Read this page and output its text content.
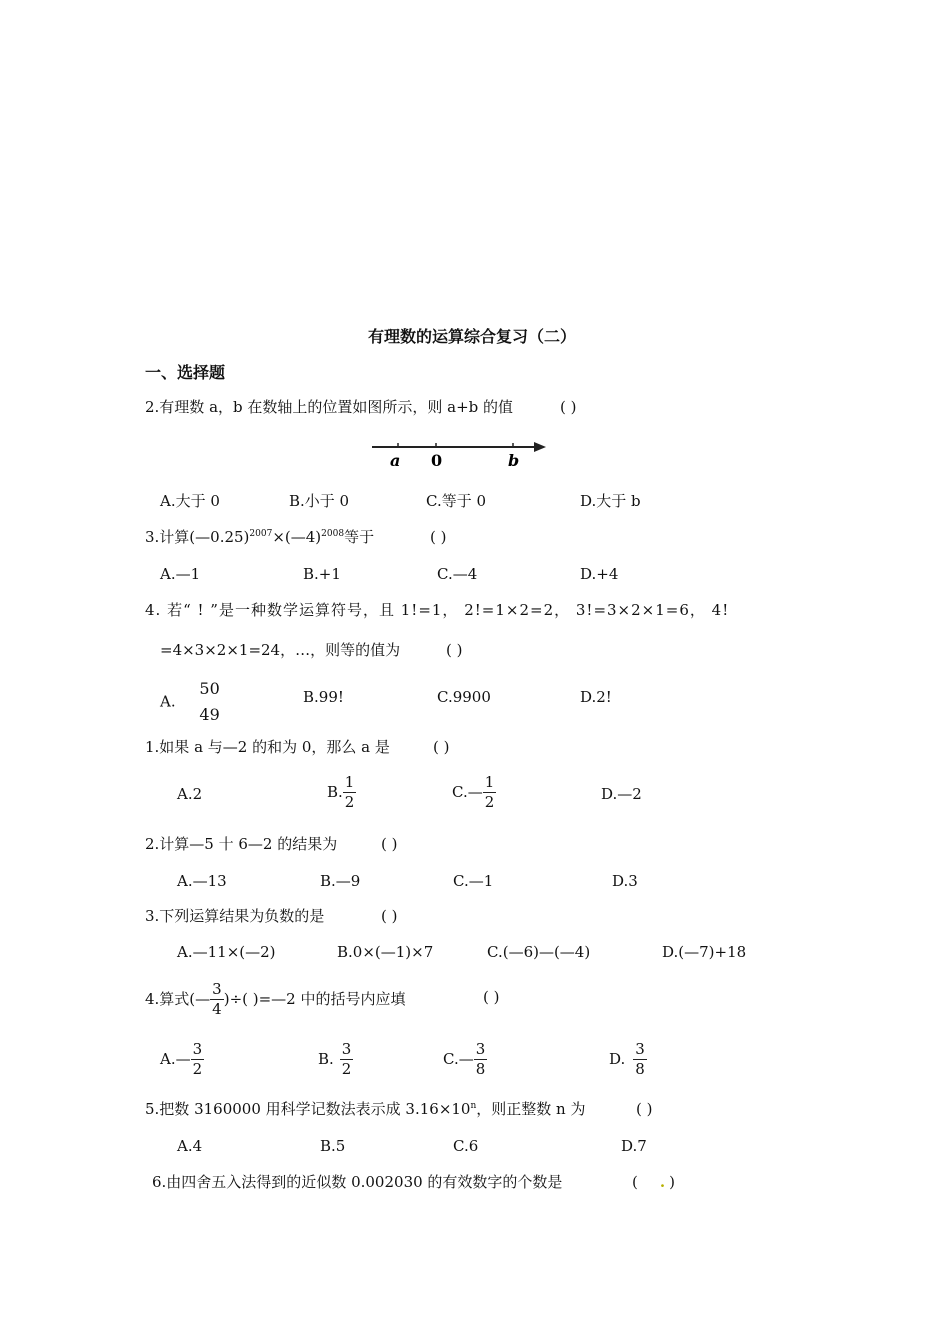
有理数的运算综合复习（二）
一、选择题
2.有理数 a，b 在数轴上的位置如图所示，则 a+b 的值	( )
a 0	b
A.大于 0	B.小于 0	C.等于 0	D.大于 b
3.计算(—0.25)$^{2007}$×(—4)$^{2008}$等于	( )
A.—1	B.+1	C.—4	D.+4
4. 若“ ! ”是一种数学运算符号，且 1!=1， 2!=1×2=2， 3!=3×2×1=6， 4!
=4×3×2×1=24，…，则等的值为	( )
A.
50
49
B.99!	C.9900	D.2!
1.如果 a 与—2 的和为 0，那么 a 是	( )
A.2	B. $\frac{1}{2}$	C.— $\frac{1}{2}$	D.—2
2.计算—5 十 6—2 的结果为	( )
A.—13	B.—9	C.—1	D.3
3.下列运算结果为负数的是	( )
A.—11×(—2)	B.0×(—1)×7	C.(—6)—(—4)	D.(—7)+18
4.算式(— $\frac{3}{4}$ )÷( )=—2 中的括号内应填	( )
A.— $\frac{3}{2}$	B. $\frac{3}{2}$	C.— $\frac{3}{8}$	D. $\frac{3}{8}$
5.把数 3160000 用科学记数法表示成 $3.16\times 10^n$，则正整数 n 为	( )
A.4	B.5	C.6	D.7
6.由四舍五入法得到的近似数 0.002030 的有效数字的个数是	( . )
